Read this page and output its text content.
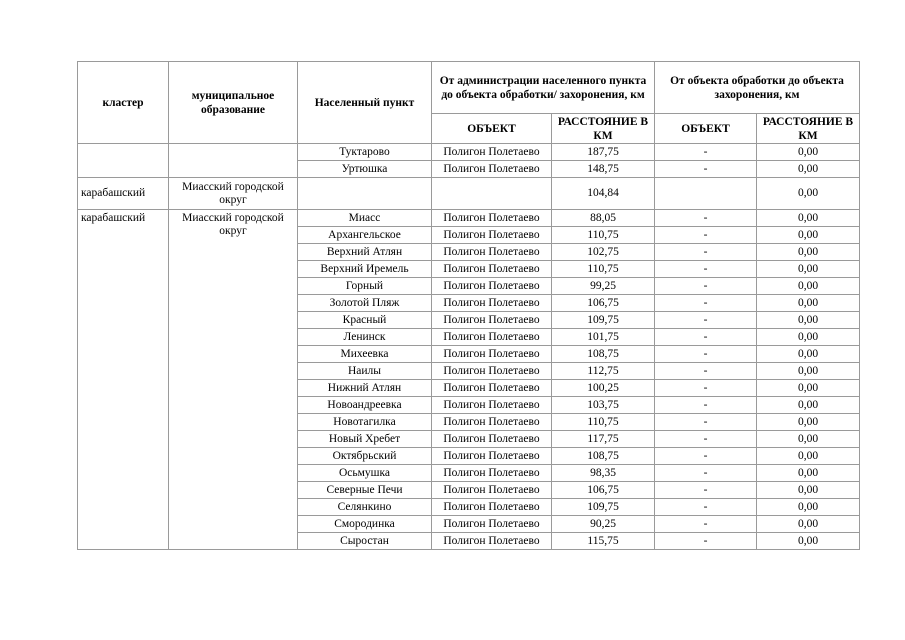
кластер	муниципальное образование	Населенный пункт	От администрации населенного пункта до объекта обработки/ захоронения, км		От объекта обработки до объекта захоронения, км	
			ОБЪЕКТ	РАССТОЯНИЕ В КМ	ОБЪЕКТ	РАССТОЯНИЕ В КМ
		Туктарово	Полигон Полетаево	187,75	-	0,00
		Уртюшка	Полигон Полетаево	148,75	-	0,00
карабашский	Миасский городской округ			104,84		0,00
карабашский	Миасский городской округ	Миасс	Полигон Полетаево	88,05	-	0,00
		Архангельское	Полигон Полетаево	110,75	-	0,00
		Верхний Атлян	Полигон Полетаево	102,75	-	0,00
		Верхний Иремель	Полигон Полетаево	110,75	-	0,00
		Горный	Полигон Полетаево	99,25	-	0,00
		Золотой Пляж	Полигон Полетаево	106,75	-	0,00
		Красный	Полигон Полетаево	109,75	-	0,00
		Ленинск	Полигон Полетаево	101,75	-	0,00
		Михеевка	Полигон Полетаево	108,75	-	0,00
		Наилы	Полигон Полетаево	112,75	-	0,00
		Нижний Атлян	Полигон Полетаево	100,25	-	0,00
		Новоандреевка	Полигон Полетаево	103,75	-	0,00
		Новотагилка	Полигон Полетаево	110,75	-	0,00
		Новый Хребет	Полигон Полетаево	117,75	-	0,00
		Октябрьский	Полигон Полетаево	108,75	-	0,00
		Осьмушка	Полигон Полетаево	98,35	-	0,00
		Северные Печи	Полигон Полетаево	106,75	-	0,00
		Селянкино	Полигон Полетаево	109,75	-	0,00
		Смородинка	Полигон Полетаево	90,25	-	0,00
		Сыростан	Полигон Полетаево	115,75	-	0,00
